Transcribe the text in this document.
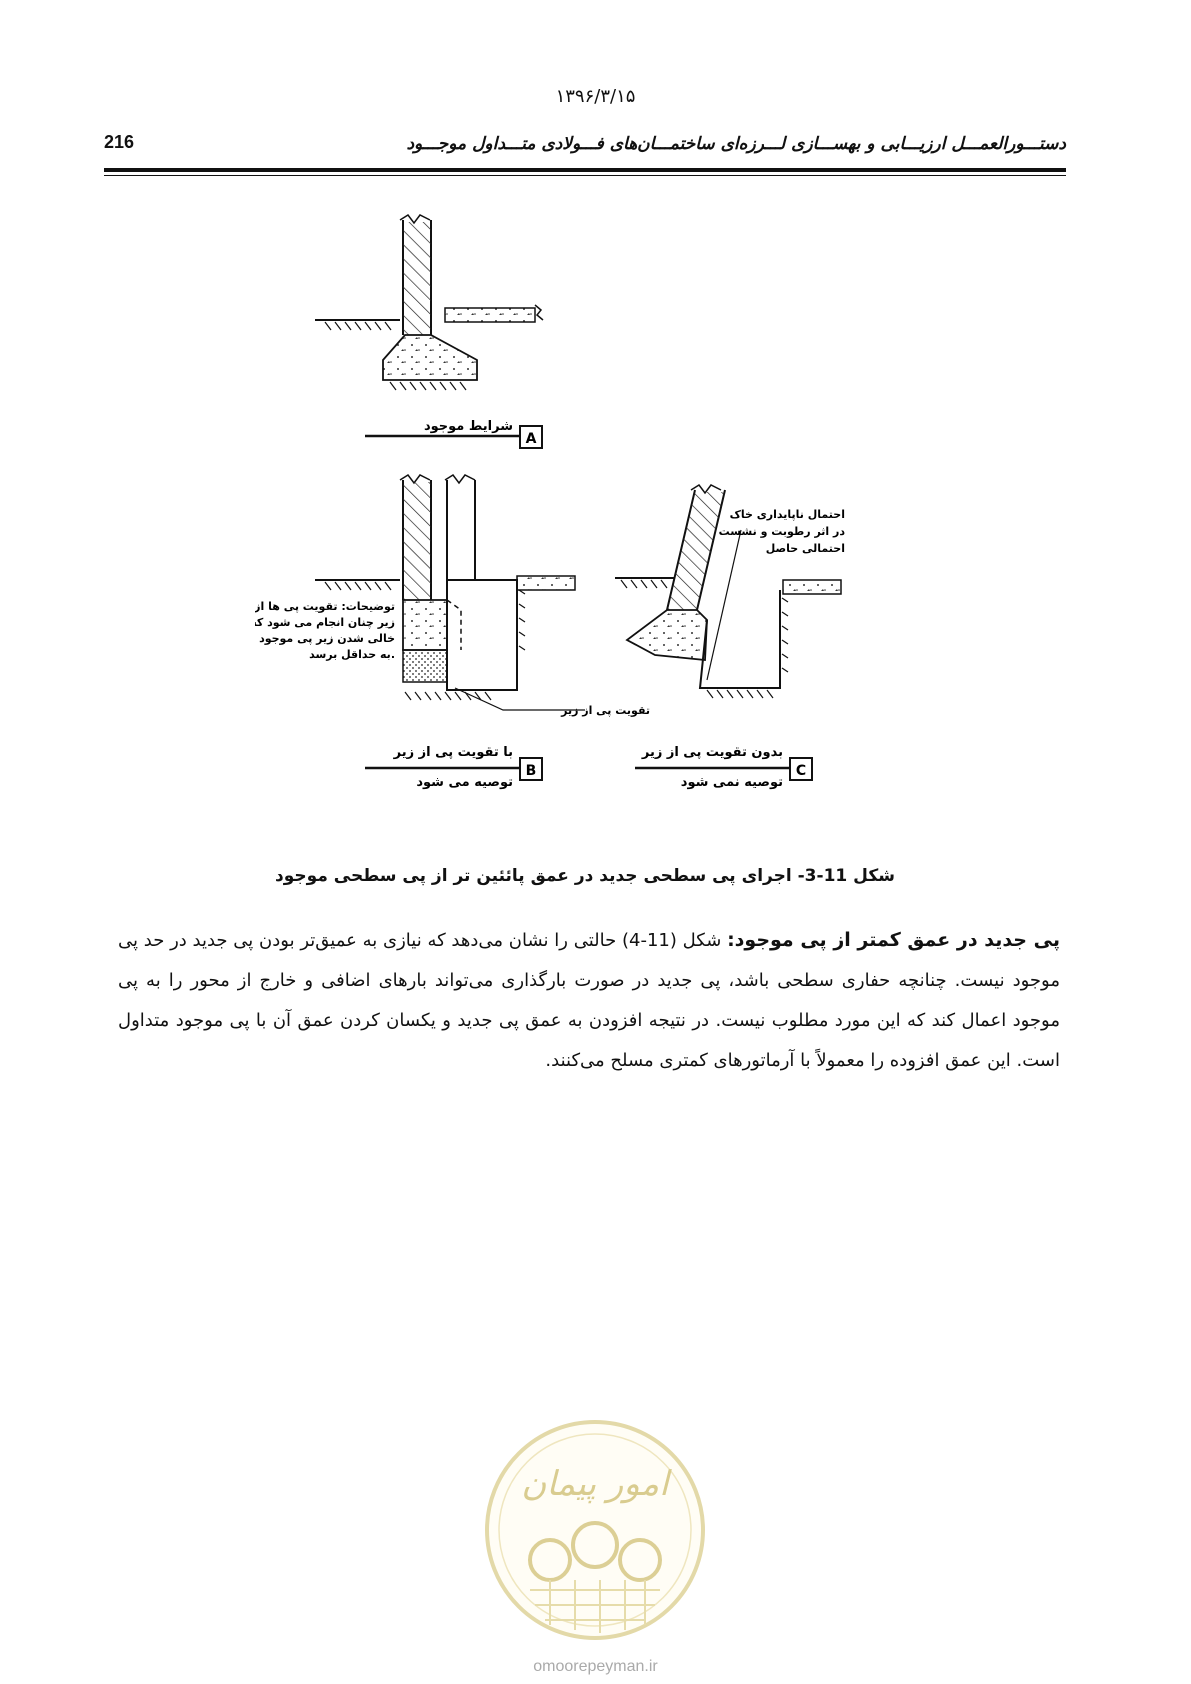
۱۳۹۶/۳/۱۵
دستـــورالعمـــل ارزیـــابی و بهســـازی لـــرزه‌ای ساختمـــان‌های فـــولادی متـــداول موجـــود
216
A
شرایط موجود
تقویت پی از زیر
توضیحات: تقویت پی ها از
زیر چنان انجام می شود که
خالی شدن زیر پی موجود
به حداقل برسد.
B
با تقویت پی از زیر
توصیه می شود
احتمال ناپایداری خاک
در اثر رطوبت و نشست
احتمالی حاصل
C
بدون تقویت پی از زیر
توصیه نمی شود
شکل 11-3- اجرای پی سطحی جدید در عمق پائئین تر از پی سطحی موجود
پی جدید در عمق کمتر از پی موجود: شکل (11-4) حالتی را نشان می‌دهد که نیازی به عمیق‌تر بودن پی جدید در حد پی موجود نیست. چنانچه حفاری سطحی باشد، پی جدید در صورت بارگذاری می‌تواند بارهای اضافی و خارج از محور را به پی موجود اعمال کند که این مورد مطلوب نیست. در نتیجه افزودن به عمق پی جدید و یکسان کردن عمق آن با پی موجود متداول است. این عمق افزوده را معمولاً با آرماتورهای کمتری مسلح می‌کنند.
امور پیمان
omoorepeyman.ir
